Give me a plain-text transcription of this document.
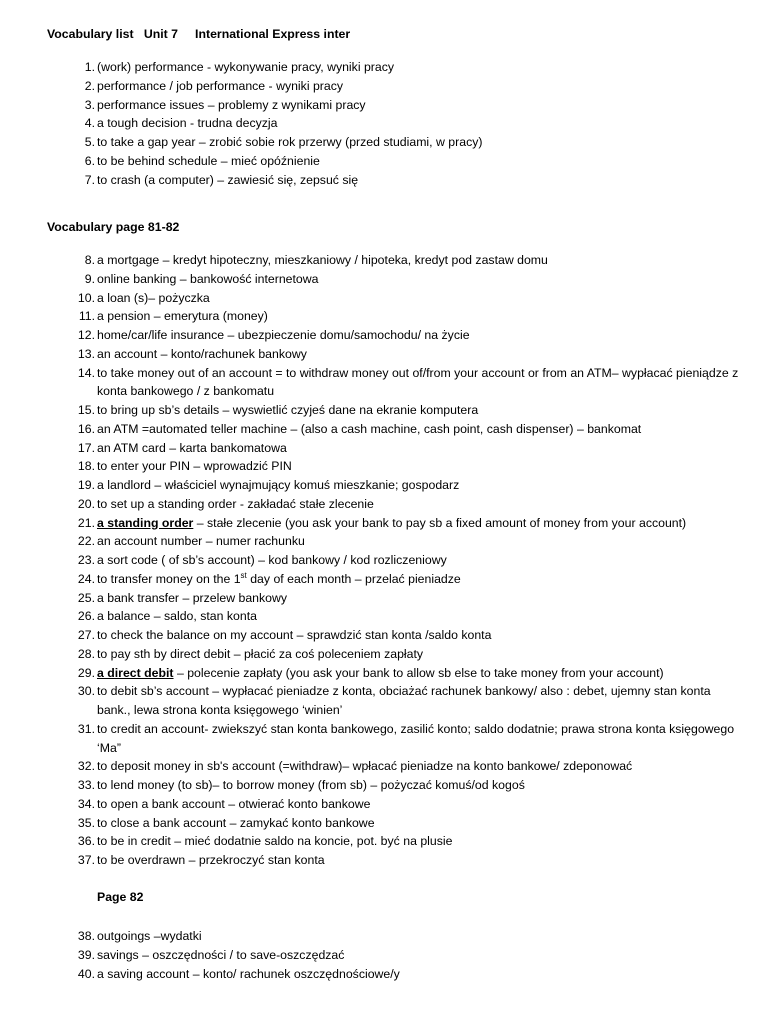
Vocabulary list   Unit 7     International Express inter
1 . (work) performance - wykonywanie pracy, wyniki pracy
2 . performance / job performance - wyniki pracy
3 . performance issues – problemy z wynikami pracy
4 . a tough decision - trudna decyzja
5 . to take a gap year – zrobić sobie rok przerwy (przed studiami, w pracy)
6 . to be behind schedule – mieć opóźnienie
7 . to crash (a computer) – zawiesić się, zepsuć się
Vocabulary page 81-82
8 . a mortgage – kredyt hipoteczny, mieszkaniowy / hipoteka, kredyt pod zastaw domu
9 . online banking – bankowość internetowa
10 . a loan (s)– pożyczka
11 . a pension – emerytura (money)
12 . home/car/life insurance – ubezpieczenie domu/samochodu/ na życie
13 . an account – konto/rachunek bankowy
14 . to take money out of an account = to withdraw money out of/from your account or from an ATM– wypłacać pieniądze z konta bankowego / z bankomatu
15 . to bring up sb’s details – wyswietlić czyjeś dane na ekranie komputera
16 . an ATM =automated teller machine – (also a cash machine, cash point, cash dispenser) – bankomat
17 . an ATM card – karta bankomatowa
18 . to enter your PIN – wprowadzić PIN
19 . a landlord – właściciel wynajmujący komuś mieszkanie; gospodarz
20 . to set up a standing order - zakładać stałe zlecenie
21 . a standing order – stałe zlecenie (you ask your bank to pay sb a fixed amount of money from your account)
22 . an account number – numer rachunku
23 . a sort code ( of sb’s account) – kod bankowy / kod rozliczeniowy
24 . to transfer money on the 1st day of each month – przelać pieniadze
25 . a bank transfer – przelew bankowy
26 . a balance – saldo, stan konta
27 . to check the balance on my account – sprawdzić stan konta /saldo konta
28 . to pay sth by direct debit – płacić za coś poleceniem zapłaty
29 . a direct debit – polecenie zapłaty (you ask your bank to allow sb else to take money from your account)
30 . to debit sb’s account – wypłacać pieniadze z konta, obciażać rachunek bankowy/ also : debet, ujemny stan konta bank., lewa strona konta księgowego ‘winien’
31 . to credit an account- zwiekszyć stan konta bankowego, zasilić konto; saldo dodatnie; prawa strona konta księgowego ‘Ma”
32 . to deposit money in sb's account (=withdraw)– wpłacać pieniadze na konto bankowe/ zdeponować
33 . to lend money (to sb)– to borrow money (from sb) – pożyczać komuś/od kogoś
34 . to open a bank account – otwierać konto bankowe
35 . to close a bank account – zamykać konto bankowe
36 . to be in credit – mieć dodatnie saldo na koncie, pot. być na plusie
37 . to be overdrawn – przekroczyć stan konta
Page 82
38 . outgoings –wydatki
39 . savings – oszczędności / to save-oszczędzać
40 . a saving account – konto/ rachunek oszczędnościowe/y
